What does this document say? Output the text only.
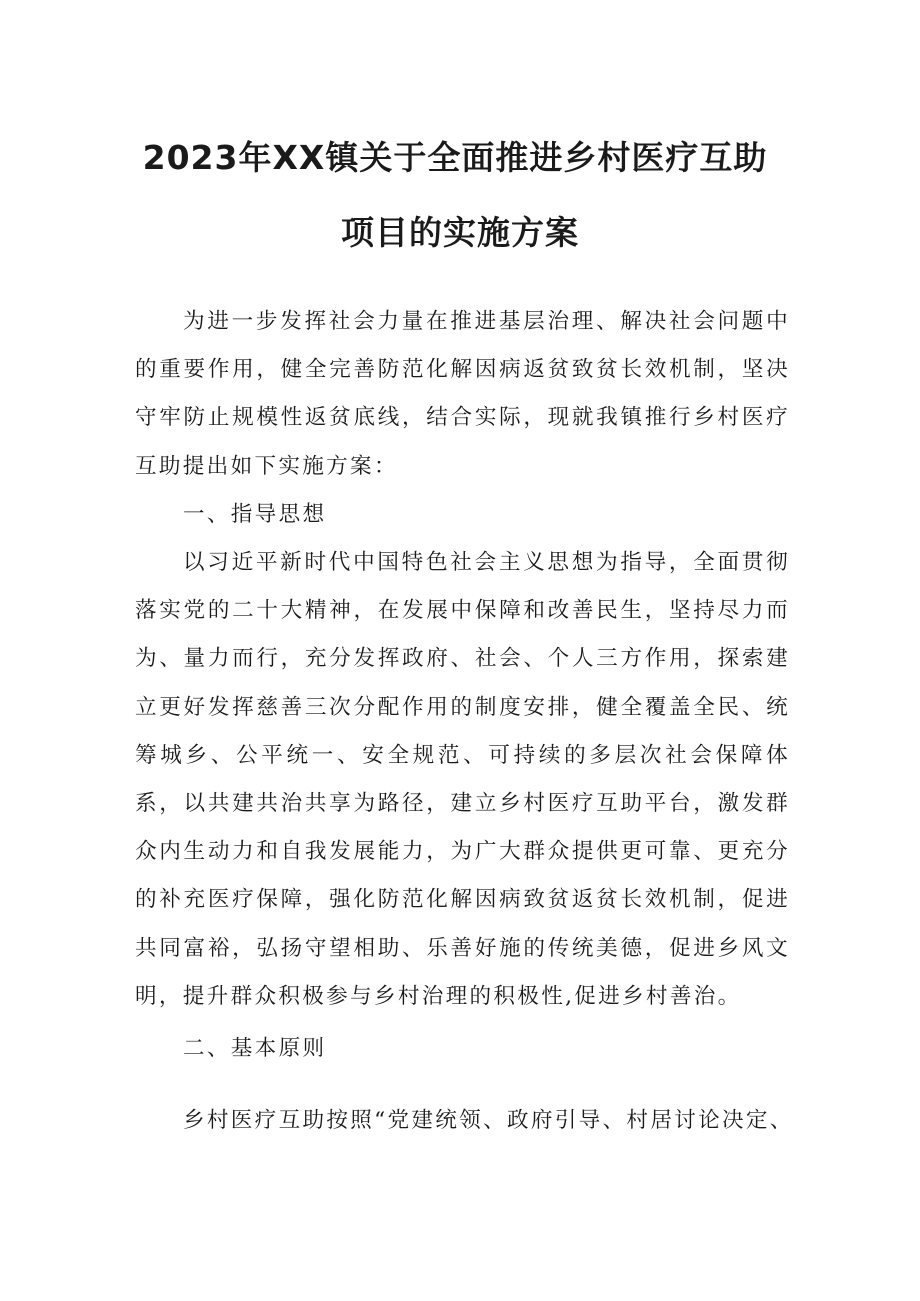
2023年XX镇关于全面推进乡村医疗互助
项目的实施方案

为进一步发挥社会力量在推进基层治理、解决社会问题中的重要作用，健全完善防范化解因病返贫致贫长效机制，坚决守牢防止规模性返贫底线，结合实际，现就我镇推行乡村医疗互助提出如下实施方案：

一、指导思想

以习近平新时代中国特色社会主义思想为指导，全面贯彻落实党的二十大精神，在发展中保障和改善民生，坚持尽力而为、量力而行，充分发挥政府、社会、个人三方作用，探索建立更好发挥慈善三次分配作用的制度安排，健全覆盖全民、统筹城乡、公平统一、安全规范、可持续的多层次社会保障体系，以共建共治共享为路径，建立乡村医疗互助平台，激发群众内生动力和自我发展能力，为广大群众提供更可靠、更充分的补充医疗保障，强化防范化解因病致贫返贫长效机制，促进共同富裕，弘扬守望相助、乐善好施的传统美德，促进乡风文明，提升群众积极参与乡村治理的积极性,促进乡村善治。

二、基本原则

乡村医疗互助按照“党建统领、政府引导、村居讨论决定、
